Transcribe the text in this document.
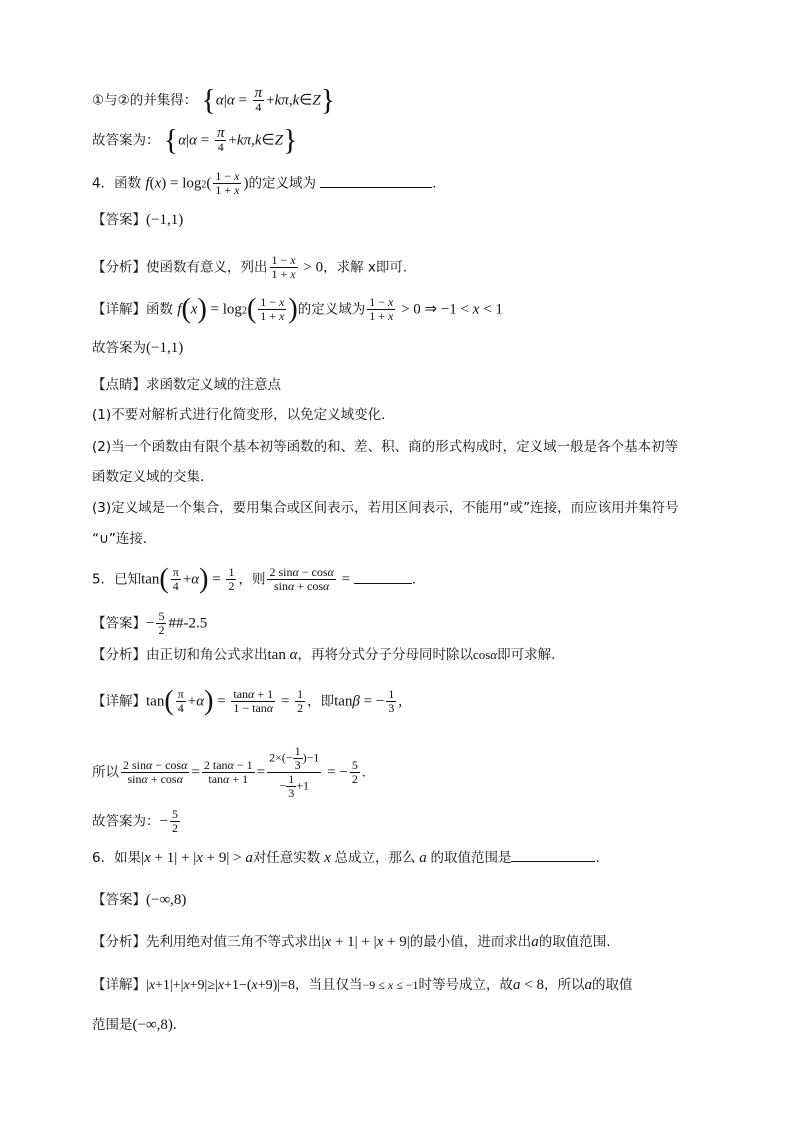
①与②的并集得： {$\alpha|\alpha = \frac{\pi}{4}$ +kπ,k∈Z}
故答案为： {$\alpha|\alpha = \frac{\pi}{4}$ +kπ,k∈Z}
4．函数 $f(x) = \log 2( \frac{1 - x}{1 + x}$ )的定义域为	．
【答案】(−1,1)
【分析】使函数有意义，列出 $\frac{1 - x}{1 + x} > 0$，求解 x即可.
【详解】函数 $f(x) = \log 2( \frac{1 - x}{1 + x}$ )的定义域为 $\frac{1 - x}{1 + x} > 0$ ⇒ −1 < x < 1
故答案为(−1,1)
【点睛】求函数定义域的注意点
(1)不要对解析式进行化简变形，以免定义域变化．
(2)当一个函数由有限个基本初等函数的和、差、积、商的形式构成时，定义域一般是各个基本初等
函数定义域的交集．
(3)定义域是一个集合，要用集合或区间表示，若用区间表示，不能用“或”连接，而应该用并集符号
“∪”连接．
5．已知$\tan( \frac{\pi}{4} +\alpha) = \frac{1}{2}$ ，则 $\frac{2 \sin\alpha - \cos\alpha}{\sin\alpha + \cos\alpha}$ =	．
【答案】− $\frac{5}{2}$ ##-2.5
【分析】由正切和角公式求出tan α，再将分式分子分母同时除以cosα即可求解.
【详解】$\tan( \frac{\pi}{4} +\alpha) = \frac{\tan\alpha + 1}{1 - \tan\alpha} = \frac{1}{2}$ ，即tanβ = − $\frac{1}{3}$ ,
所以 $\frac{2 \sin\alpha - \cos\alpha}{\sin\alpha + \cos\alpha} = \frac{2 \tan\alpha - 1}{\tan\alpha + 1} = \frac{2\times(- \frac{1}{3} )-1}{- \frac{1}{3} +1}$ = − $\frac{5}{2}$ .
故答案为：− $\frac{5}{2}$
6．如果|x + 1| + |x + 9| > a对任意实数 x 总成立，那么 a 的取值范围是	.
【答案】(−∞,8)
【分析】先利用绝对值三角不等式求出|x + 1| + |x + 9|的最小值，进而求出a的取值范围.
【详解】|x+1|+|x+9|≥|x+1−(x+9)|=8，当且仅当−9 ≤ x ≤ −1时等号成立，故a < 8，所以a的取值
范围是(−∞,8).
